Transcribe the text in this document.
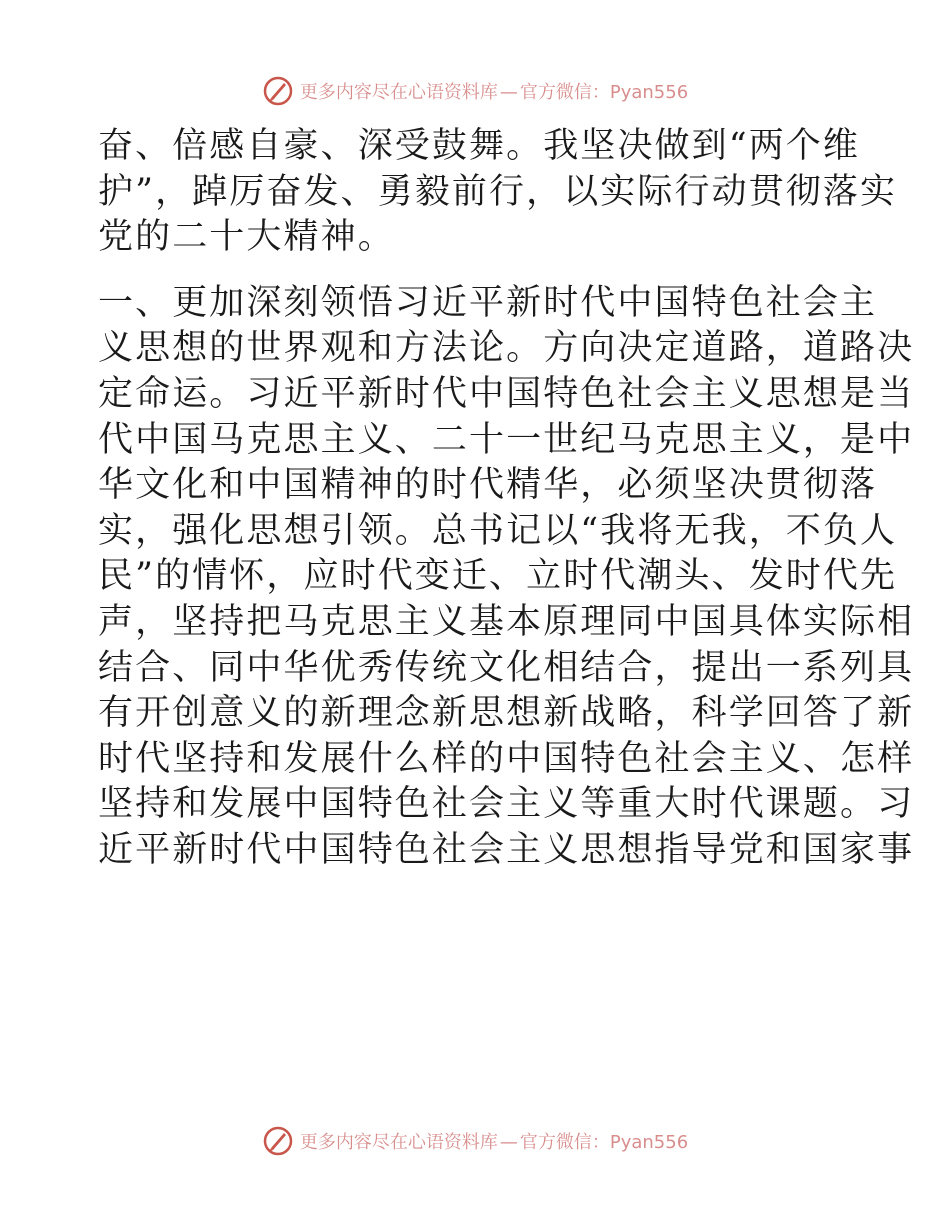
更多内容尽在心语资料库 — 官方微信：Pyan556
奋、倍感自豪、深受鼓舞。我坚决做到“两个维
护”，踔厉奋发、勇毅前行，以实际行动贯彻落实
党的二十大精神。
一、更加深刻领悟习近平新时代中国特色社会主
义思想的世界观和方法论。方向决定道路，道路决
定命运。习近平新时代中国特色社会主义思想是当
代中国马克思主义、二十一世纪马克思主义，是中
华文化和中国精神的时代精华，必须坚决贯彻落
实，强化思想引领。总书记以“我将无我，不负人
民”的情怀，应时代变迁、立时代潮头、发时代先
声，坚持把马克思主义基本原理同中国具体实际相
结合、同中华优秀传统文化相结合，提出一系列具
有开创意义的新理念新思想新战略，科学回答了新
时代坚持和发展什么样的中国特色社会主义、怎样
坚持和发展中国特色社会主义等重大时代课题。习
近平新时代中国特色社会主义思想指导党和国家事
更多内容尽在心语资料库 — 官方微信：Pyan556
